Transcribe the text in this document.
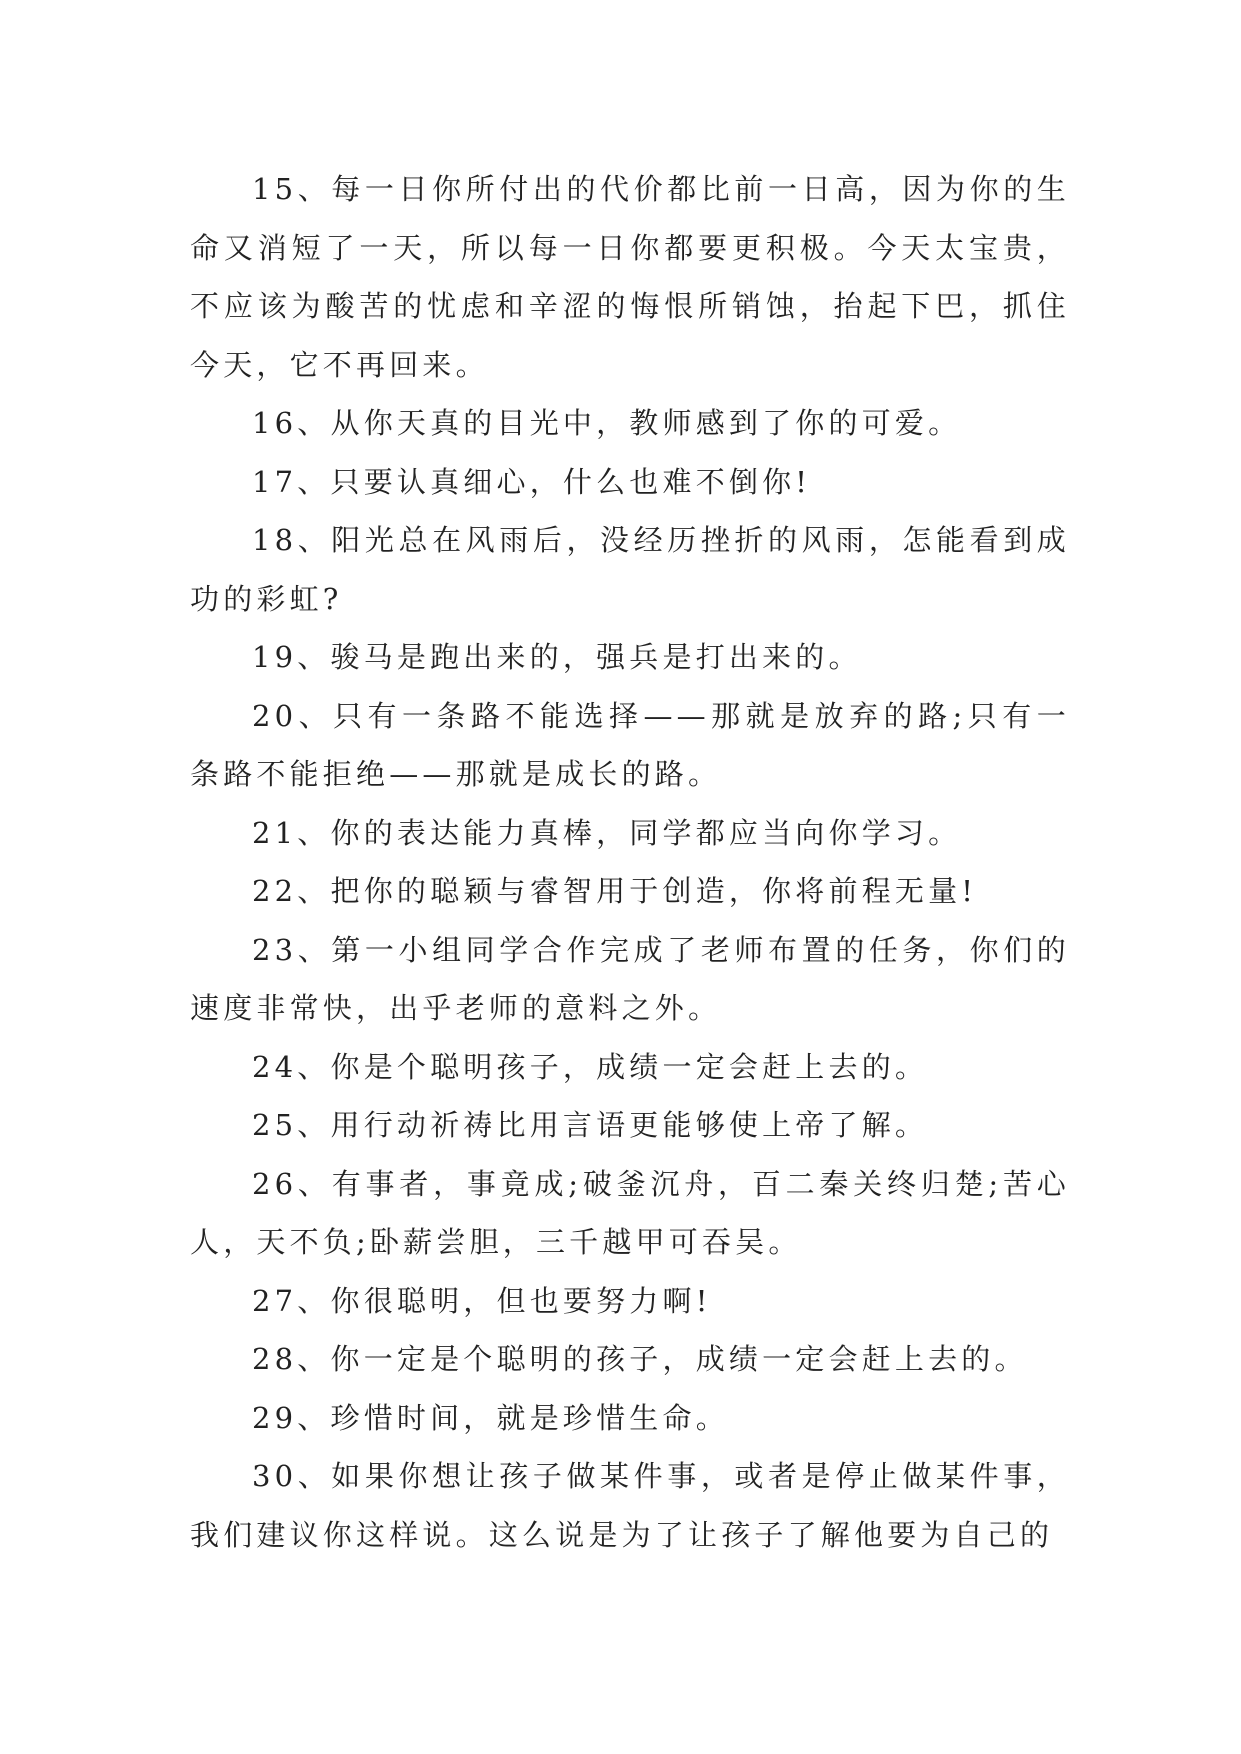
15、每一日你所付出的代价都比前一日高，因为你的生命又消短了一天，所以每一日你都要更积极。今天太宝贵，不应该为酸苦的忧虑和辛涩的悔恨所销蚀，抬起下巴，抓住今天，它不再回来。

16、从你天真的目光中，教师感到了你的可爱。

17、只要认真细心，什么也难不倒你!

18、阳光总在风雨后，没经历挫折的风雨，怎能看到成功的彩虹?

19、骏马是跑出来的，强兵是打出来的。

20、只有一条路不能选择——那就是放弃的路;只有一条路不能拒绝——那就是成长的路。

21、你的表达能力真棒，同学都应当向你学习。

22、把你的聪颖与睿智用于创造，你将前程无量!

23、第一小组同学合作完成了老师布置的任务，你们的速度非常快，出乎老师的意料之外。

24、你是个聪明孩子，成绩一定会赶上去的。

25、用行动祈祷比用言语更能够使上帝了解。

26、有事者，事竟成;破釜沉舟，百二秦关终归楚;苦心人，天不负;卧薪尝胆，三千越甲可吞吴。

27、你很聪明，但也要努力啊!

28、你一定是个聪明的孩子，成绩一定会赶上去的。

29、珍惜时间，就是珍惜生命。

30、如果你想让孩子做某件事，或者是停止做某件事，我们建议你这样说。这么说是为了让孩子了解他要为自己的
